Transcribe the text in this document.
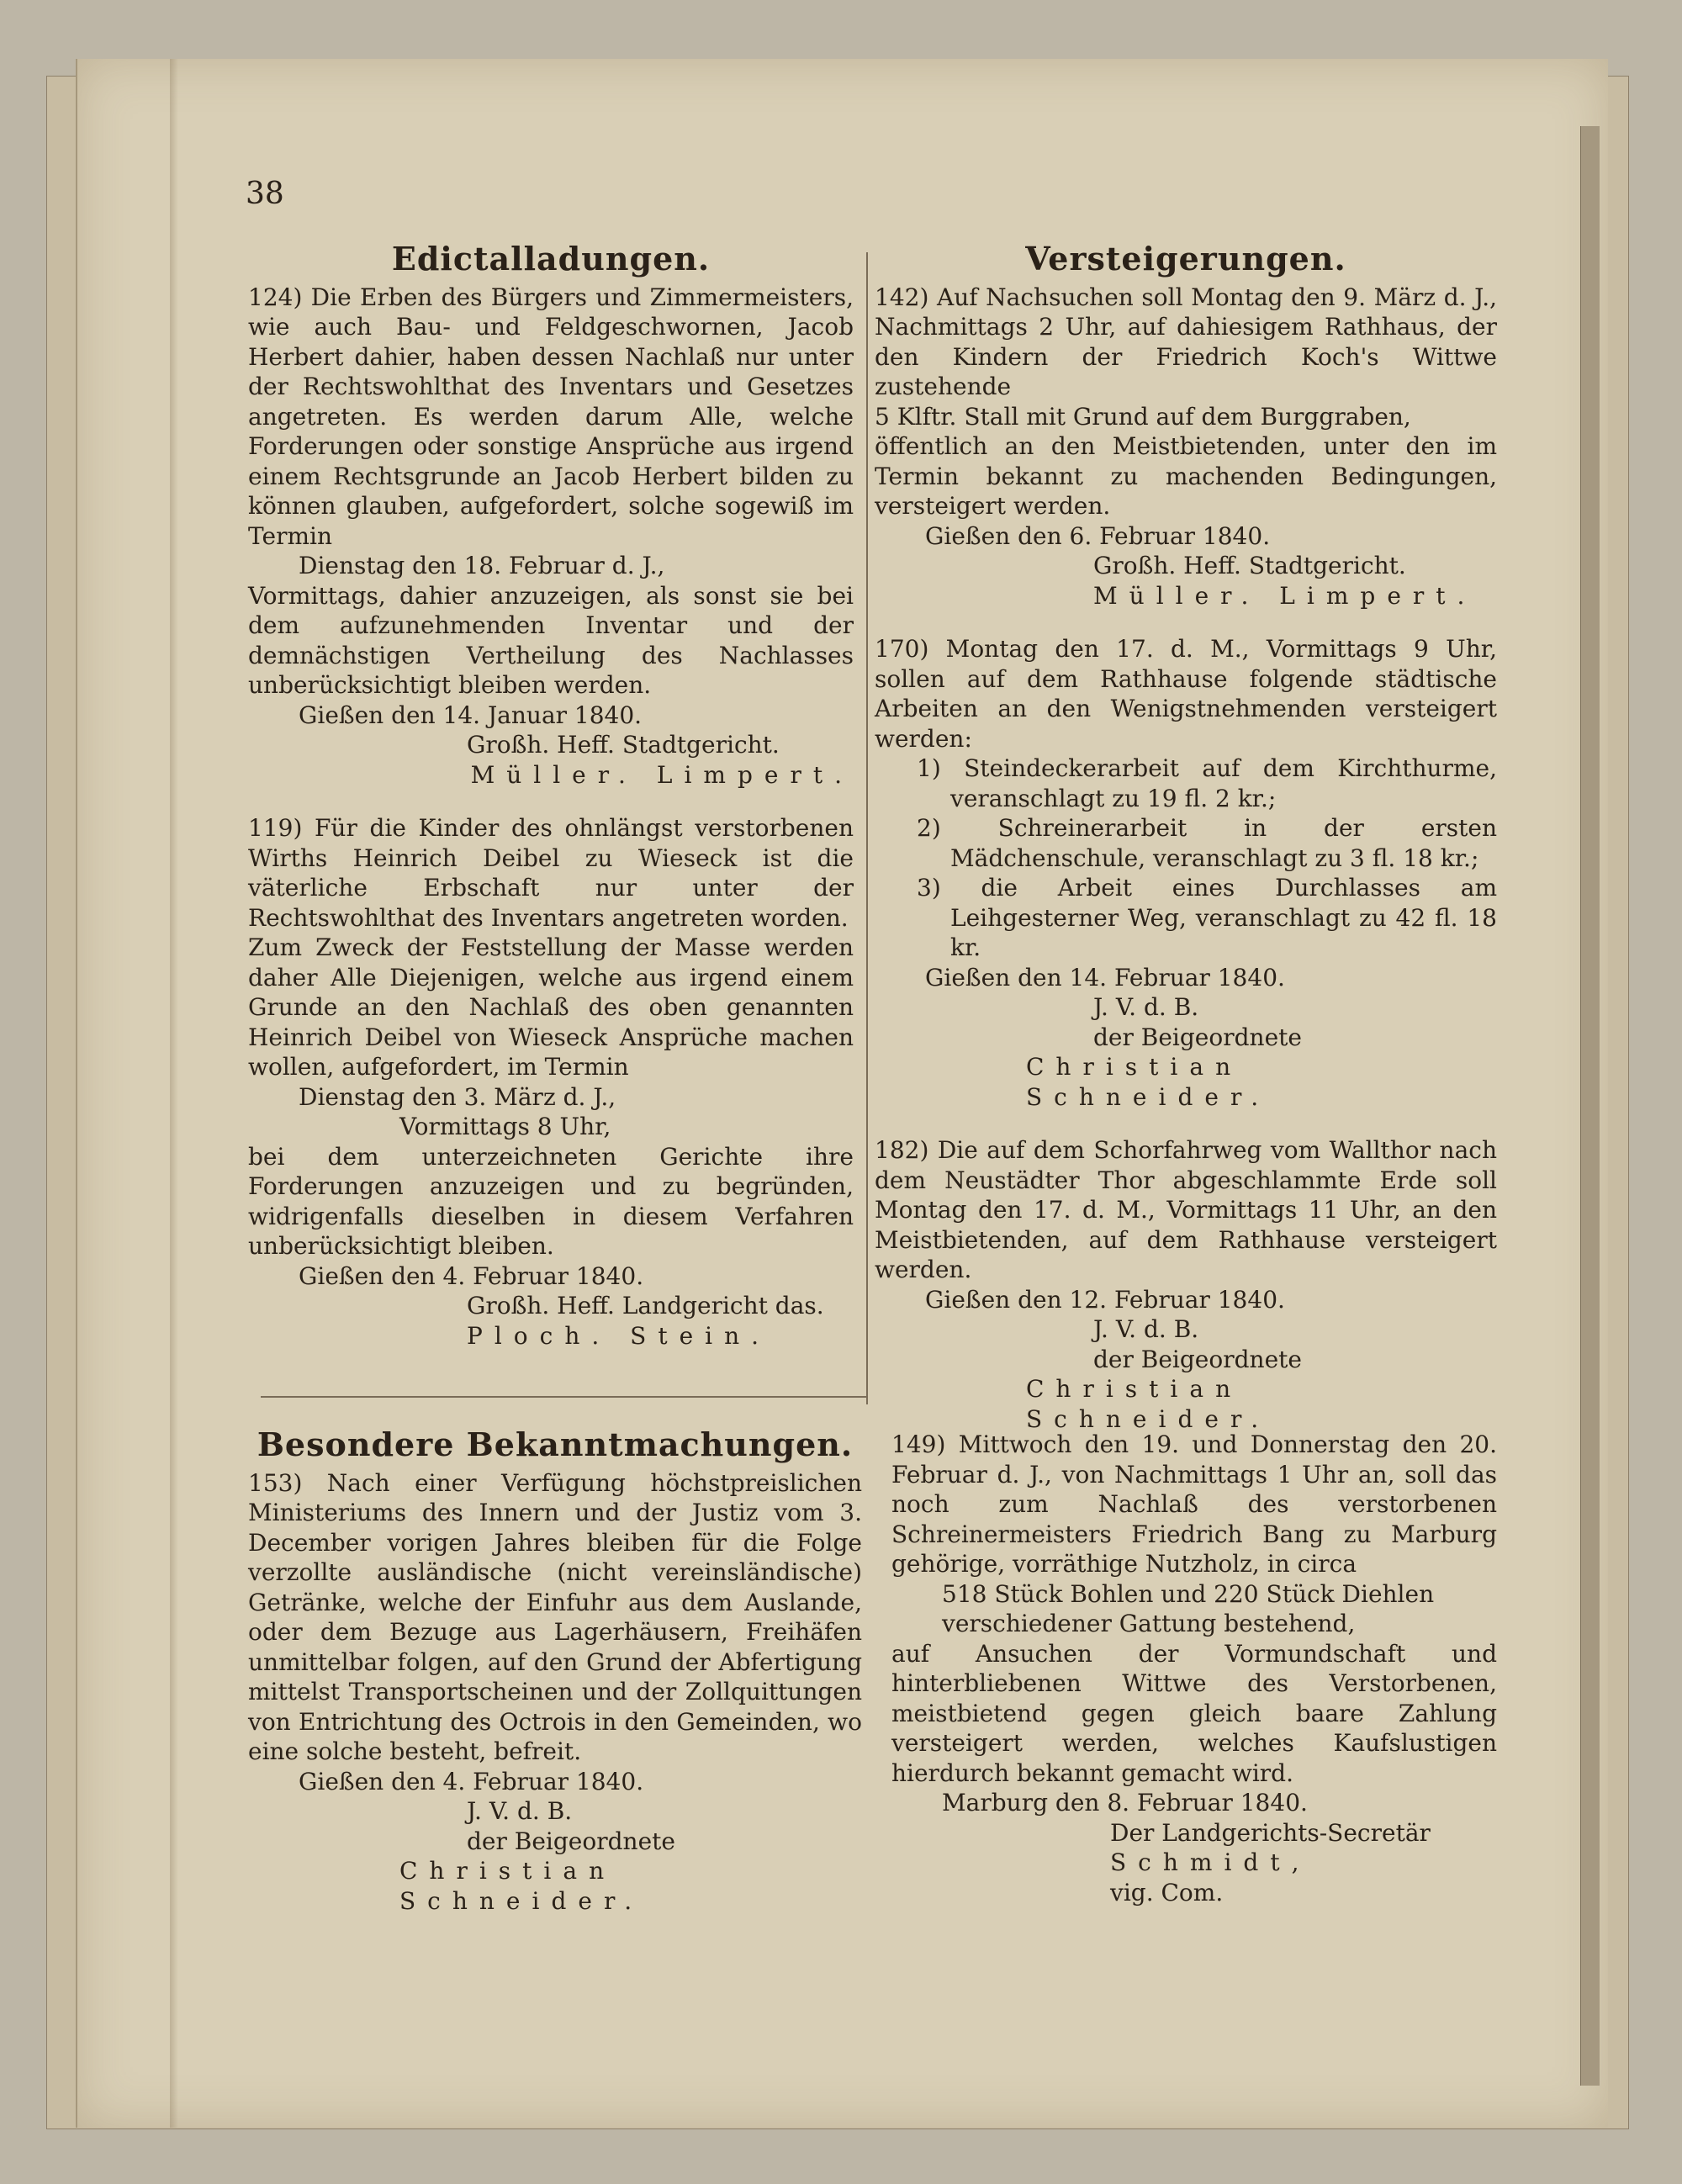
38
Edictalladungen.

124) Die Erben des Bürgers und Zimmermeisters, wie auch Bau- und Feldgeschwornen, Jacob Herbert dahier, haben dessen Nachlaß nur unter der Rechtswohlthat des Inventars und Gesetzes angetreten. Es werden darum Alle, welche Forderungen oder sonstige Ansprüche aus irgend einem Rechtsgrunde an Jacob Herbert bilden zu können glauben, aufgefordert, solche sogewiß im Termin

Dienstag den 18. Februar d. J.,

Vormittags, dahier anzuzeigen, als sonst sie bei dem aufzunehmenden Inventar und der demnächstigen Vertheilung des Nachlasses unberücksichtigt bleiben werden.

Gießen den 14. Januar 1840.

Großh. Heff. Stadtgericht.

Müller. Limpert.

119) Für die Kinder des ohnlängst verstorbenen Wirths Heinrich Deibel zu Wieseck ist die väterliche Erbschaft nur unter der Rechtswohlthat des Inventars angetreten worden.

Zum Zweck der Feststellung der Masse werden daher Alle Diejenigen, welche aus irgend einem Grunde an den Nachlaß des oben genannten Heinrich Deibel von Wieseck Ansprüche machen wollen, aufgefordert, im Termin

Dienstag den 3. März d. J.,

Vormittags 8 Uhr,

bei dem unterzeichneten Gerichte ihre Forderungen anzuzeigen und zu begründen, widrigenfalls dieselben in diesem Verfahren unberücksichtigt bleiben.

Gießen den 4. Februar 1840.

Großh. Heff. Landgericht das.

Ploch. Stein.

Versteigerungen.

142) Auf Nachsuchen soll Montag den 9. März d. J., Nachmittags 2 Uhr, auf dahiesigem Rathhaus, der den Kindern der Friedrich Koch's Wittwe zustehende

5 Klftr. Stall mit Grund auf dem Burggraben,

öffentlich an den Meistbietenden, unter den im Termin bekannt zu machenden Bedingungen, versteigert werden.

Gießen den 6. Februar 1840.

Großh. Heff. Stadtgericht.

Müller. Limpert.

170) Montag den 17. d. M., Vormittags 9 Uhr, sollen auf dem Rathhause folgende städtische Arbeiten an den Wenigstnehmenden versteigert werden:

1) Steindeckerarbeit auf dem Kirchthurme, veranschlagt zu 19 fl. 2 kr.;

2) Schreinerarbeit in der ersten Mädchenschule, veranschlagt zu 3 fl. 18 kr.;

3) die Arbeit eines Durchlasses am Leihgesterner Weg, veranschlagt zu 42 fl. 18 kr.

Gießen den 14. Februar 1840.

J. V. d. B.

der Beigeordnete

Christian Schneider.

182) Die auf dem Schorfahrweg vom Wallthor nach dem Neustädter Thor abgeschlammte Erde soll Montag den 17. d. M., Vormittags 11 Uhr, an den Meistbietenden, auf dem Rathhause versteigert werden.

Gießen den 12. Februar 1840.

J. V. d. B.

der Beigeordnete

Christian Schneider.

Besondere Bekanntmachungen.

153) Nach einer Verfügung höchstpreislichen Ministeriums des Innern und der Justiz vom 3. December vorigen Jahres bleiben für die Folge verzollte ausländische (nicht vereinsländische) Getränke, welche der Einfuhr aus dem Auslande, oder dem Bezuge aus Lagerhäusern, Freihäfen unmittelbar folgen, auf den Grund der Abfertigung mittelst Transportscheinen und der Zollquittungen von Entrichtung des Octrois in den Gemeinden, wo eine solche besteht, befreit.

Gießen den 4. Februar 1840.

J. V. d. B.

der Beigeordnete

Christian Schneider.

149) Mittwoch den 19. und Donnerstag den 20. Februar d. J., von Nachmittags 1 Uhr an, soll das noch zum Nachlaß des verstorbenen Schreinermeisters Friedrich Bang zu Marburg gehörige, vorräthige Nutzholz, in circa

518 Stück Bohlen und 220 Stück Diehlen verschiedener Gattung bestehend,

auf Ansuchen der Vormundschaft und hinterbliebenen Wittwe des Verstorbenen, meistbietend gegen gleich baare Zahlung versteigert werden, welches Kaufslustigen hierdurch bekannt gemacht wird.

Marburg den 8. Februar 1840.

Der Landgerichts-Secretär

Schmidt,

vig. Com.
